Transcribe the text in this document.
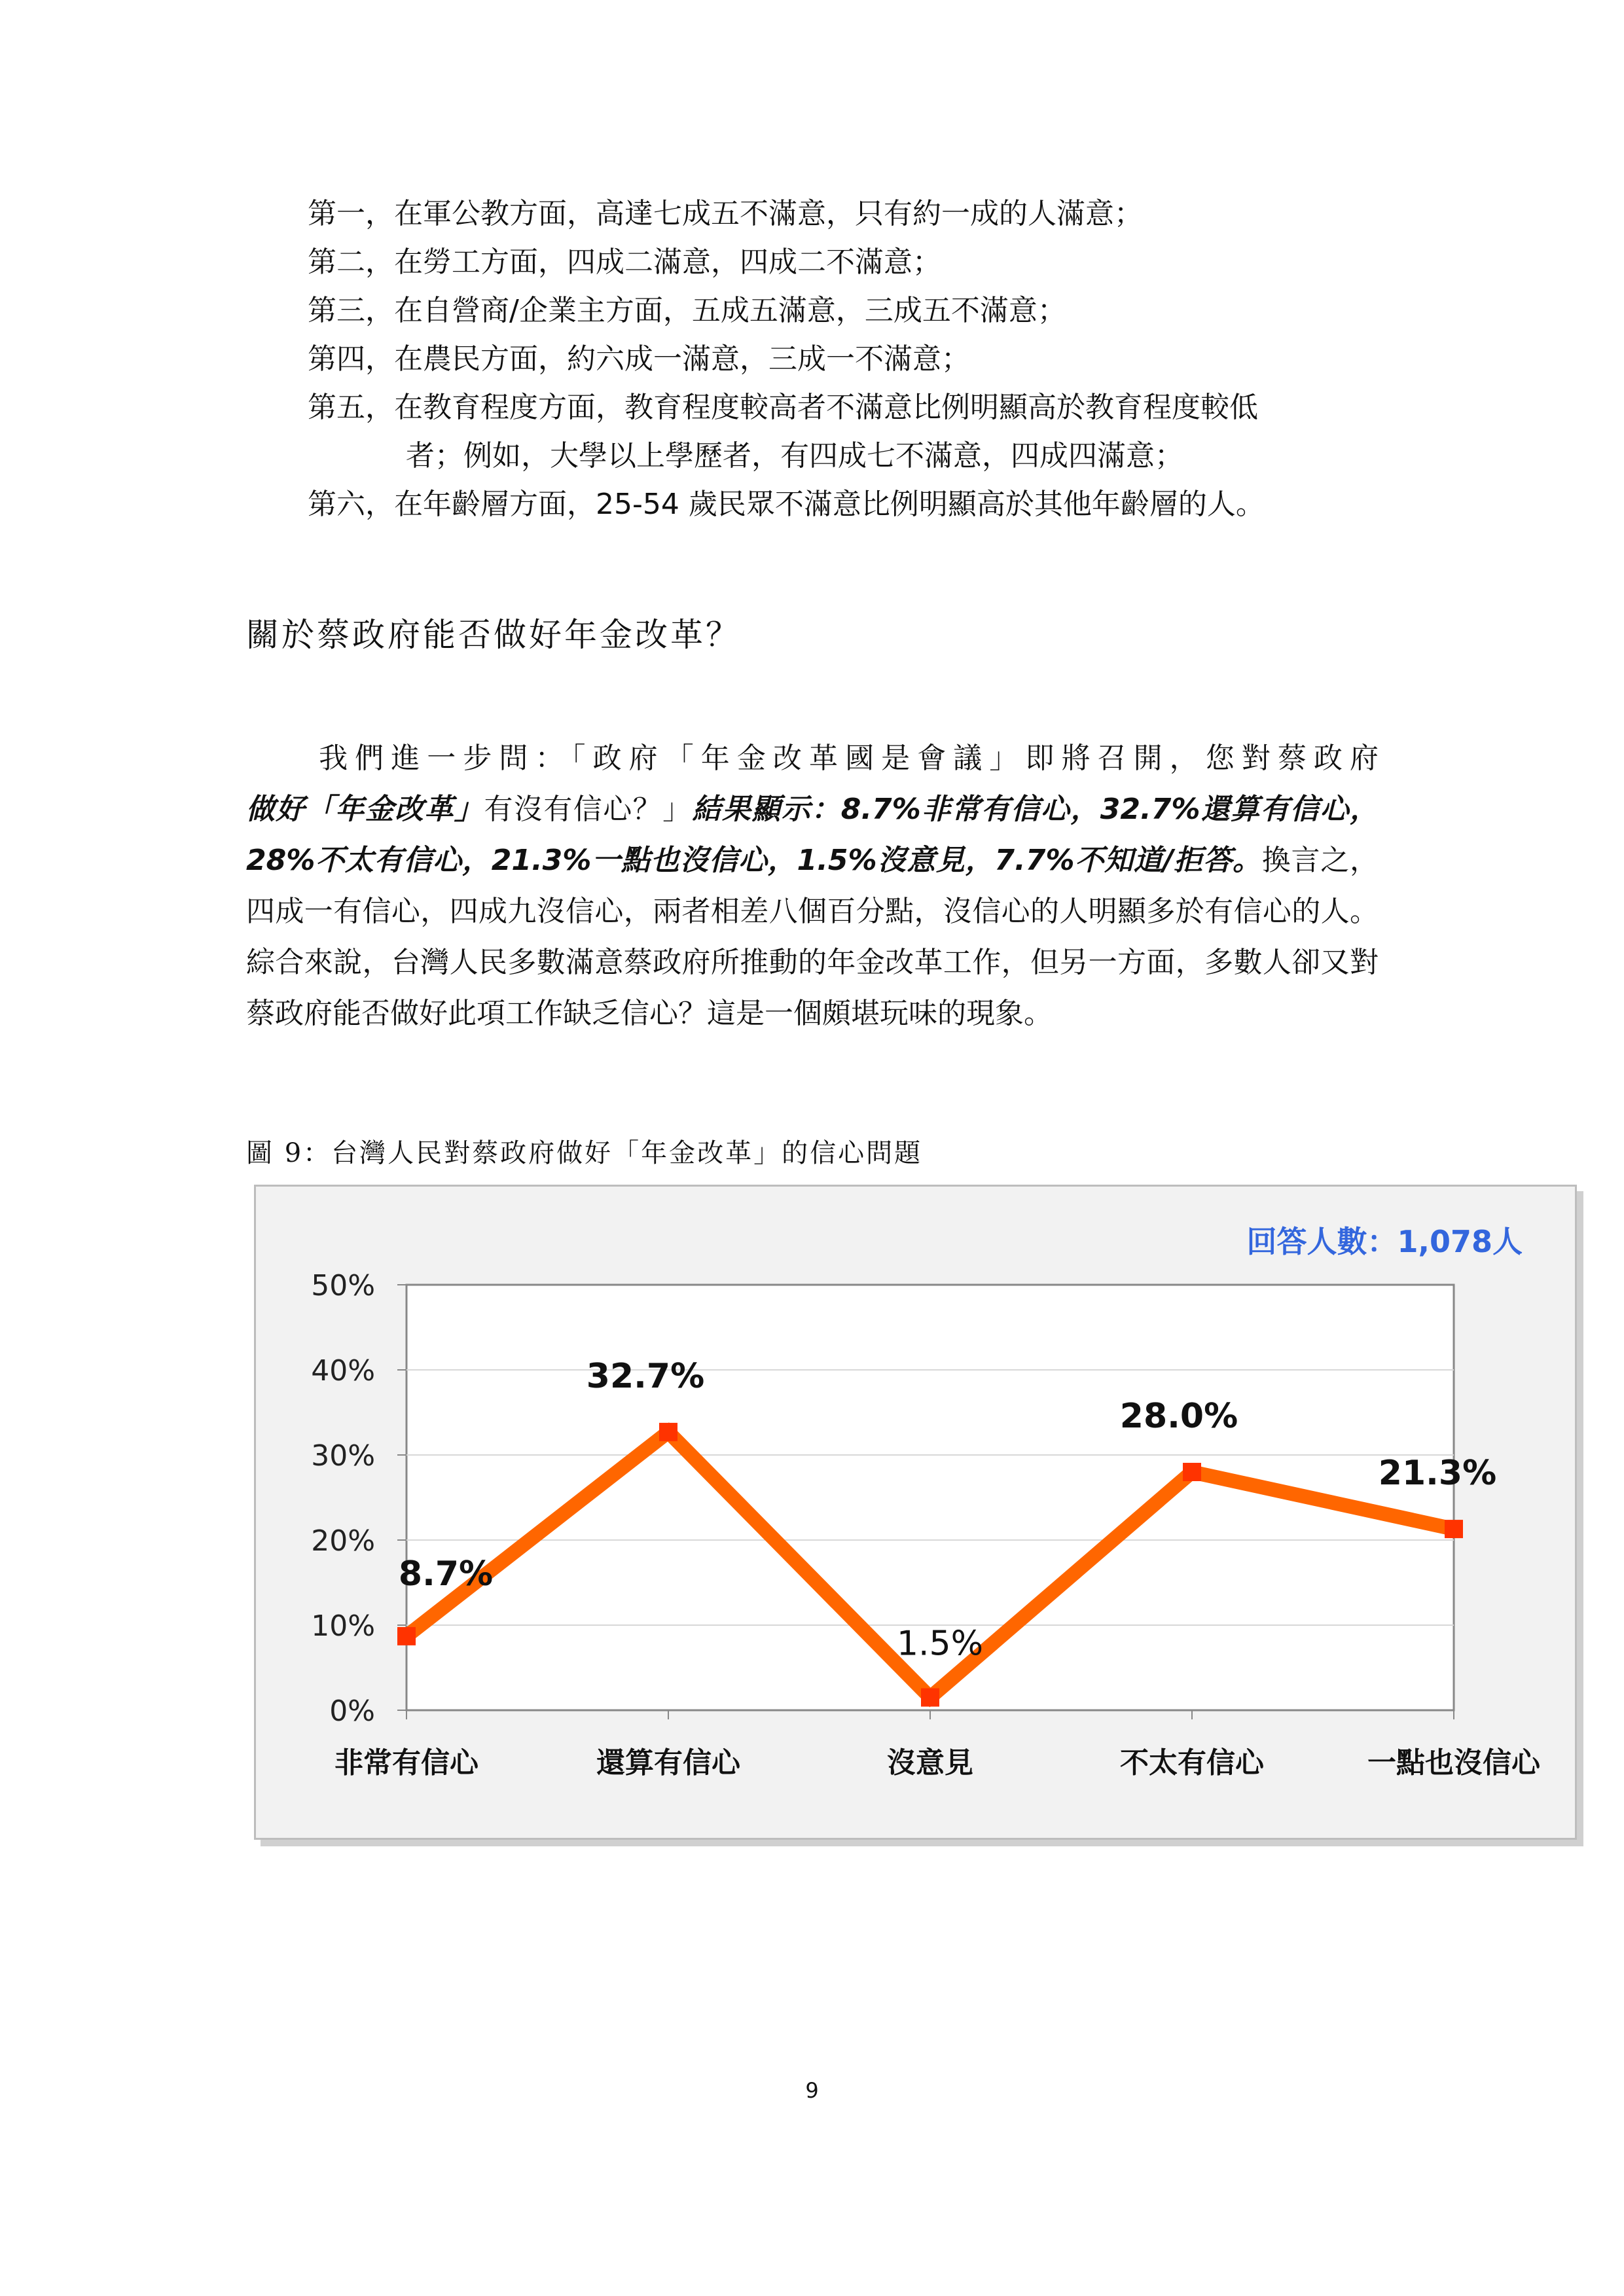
第一， 在軍公教方面，高達七成五不滿意，只有約一成的人滿意；
第二， 在勞工方面，四成二滿意，四成二不滿意；
第三， 在自營商/企業主方面，五成五滿意，三成五不滿意；
第四， 在農民方面，約六成一滿意，三成一不滿意；
第五， 在教育程度方面，教育程度較高者不滿意比例明顯高於教育程度較低
者；例如，大學以上學歷者，有四成七不滿意，四成四滿意；
第六， 在年齡層方面，25-54 歲民眾不滿意比例明顯高於其他年齡層的人。
關於蔡政府能否做好年金改革？
我們進一步問：「政府「年金改革國是會議」即將召開，您對蔡政府做好「年金改革」有沒有信心？」結果顯示：8.7%非常有信心，32.7%還算有信心，28%不太有信心，21.3%一點也沒信心，1.5%沒意見，7.7%不知道/拒答。換言之，四成一有信心，四成九沒信心，兩者相差八個百分點，沒信心的人明顯多於有信心的人。綜合來說，台灣人民多數滿意蔡政府所推動的年金改革工作，但另一方面，多數人卻又對蔡政府能否做好此項工作缺乏信心？這是一個頗堪玩味的現象。
圖 9：台灣人民對蔡政府做好「年金改革」的信心問題
0%
10%
20%
30%
40%
50%
非常有信心	還算有信心	沒意見	不太有信心	一點也沒信心
8.7%
32.7%
1.5%
28.0%
21.3%
回答人數：1,078人
9
